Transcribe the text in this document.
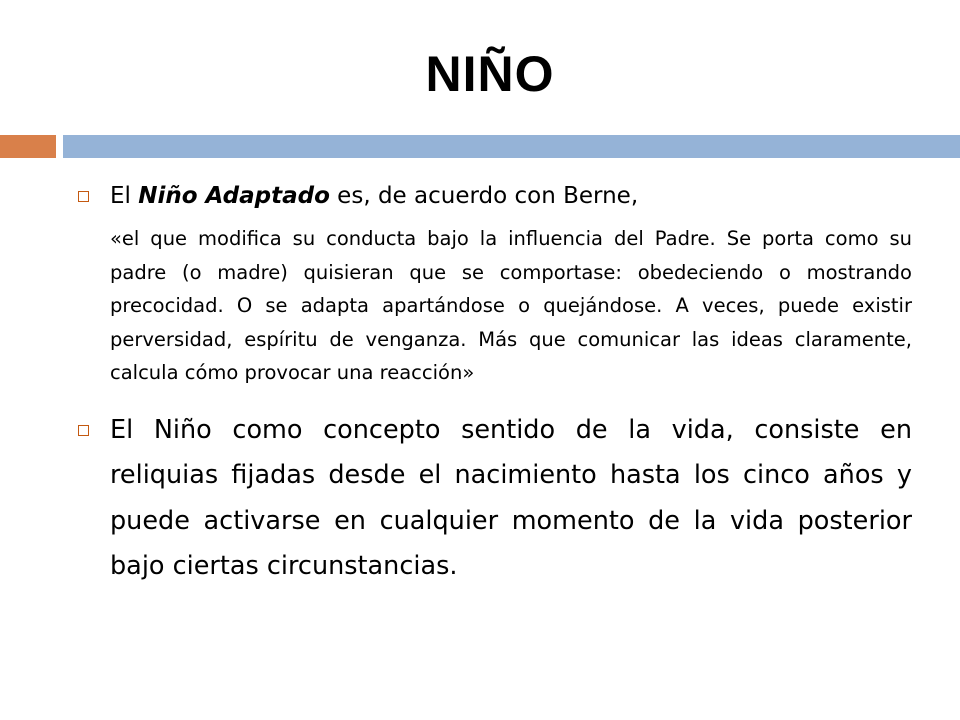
NIÑO
El Niño Adaptado es, de acuerdo con Berne,
«el que modifica su conducta bajo la influencia del Padre. Se porta como su padre (o madre) quisieran que se comportase: obedeciendo o mostrando precocidad. O se adapta apartándose o quejándose. A veces, puede existir perversidad, espíritu de venganza. Más que comunicar las ideas claramente, calcula cómo provocar una reacción»
El Niño como concepto sentido de la vida, consiste en reliquias fijadas desde el nacimiento hasta los cinco años y puede activarse en cualquier momento de la vida posterior bajo ciertas circunstancias.
